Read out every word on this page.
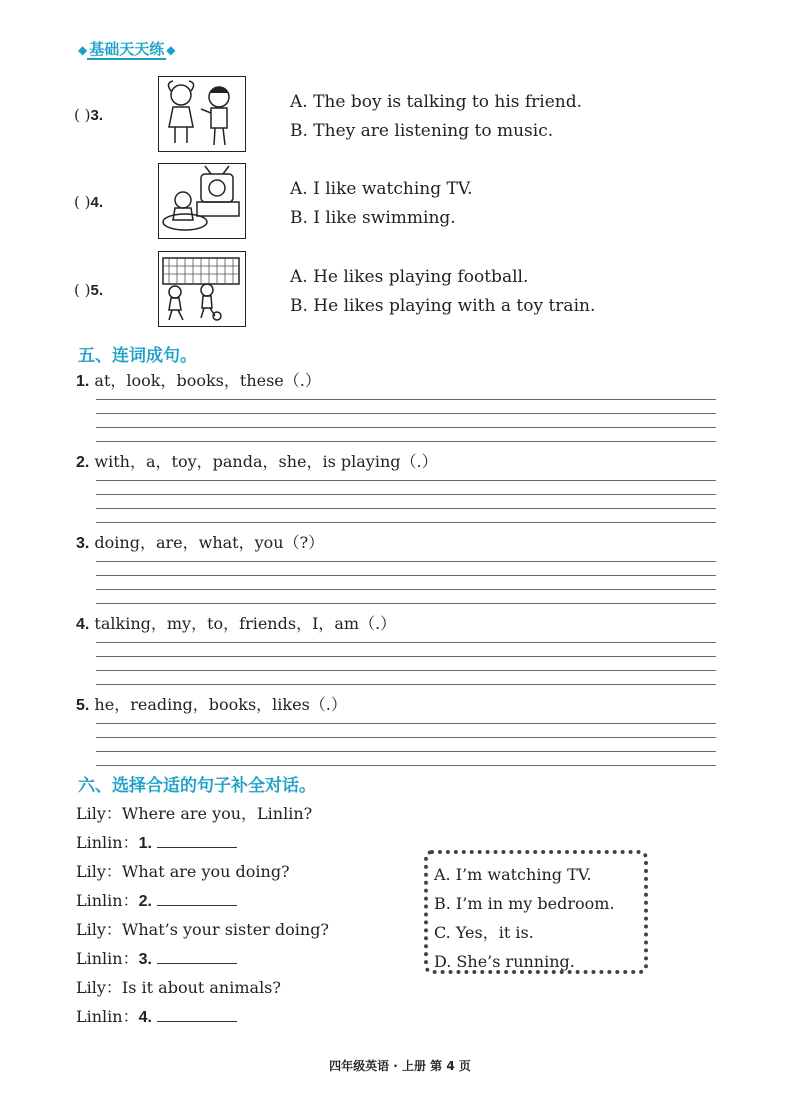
◆ 基础天天练 ◆
( )3.
A. The boy is talking to his friend.
B. They are listening to music.
( )4.
A. I like watching TV.
B. I like swimming.
( )5.
A. He likes playing football.
B. He likes playing with a toy train.
五、连词成句。
1. at，look，books，these（.）
2. with，a，toy，panda，she，is playing（.）
3. doing，are，what，you（?）
4. talking，my，to，friends，I，am（.）
5. he，reading，books，likes（.）
六、选择合适的句子补全对话。
Lily：Where are you，Linlin?
Linlin：1.
Lily：What are you doing?
Linlin：2.
Lily：What’s your sister doing?
Linlin：3.
Lily：Is it about animals?
Linlin：4.
A. I’m watching TV.
B. I’m in my bedroom.
C. Yes，it is.
D. She’s running.
四年级英语 · 上册 第 4 页
